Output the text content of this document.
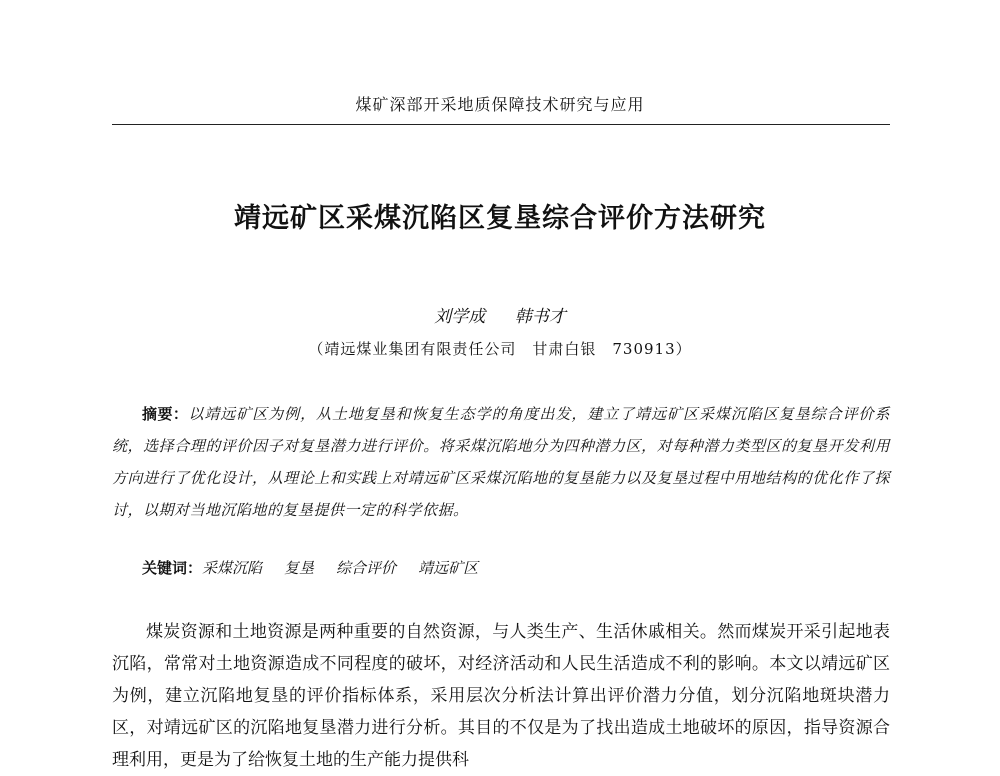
煤矿深部开采地质保障技术研究与应用
靖远矿区采煤沉陷区复垦综合评价方法研究
刘学成 韩书才
（靖远煤业集团有限责任公司　甘肃白银　730913）

摘要：以靖远矿区为例，从土地复垦和恢复生态学的角度出发，建立了靖远矿区采煤沉陷区复垦综合评价系统，选择合理的评价因子对复垦潜力进行评价。将采煤沉陷地分为四种潜力区，对每种潜力类型区的复垦开发利用方向进行了优化设计，从理论上和实践上对靖远矿区采煤沉陷地的复垦能力以及复垦过程中用地结构的优化作了探讨，以期对当地沉陷地的复垦提供一定的科学依据。

关键词：采煤沉陷 复垦 综合评价 靖远矿区

煤炭资源和土地资源是两种重要的自然资源，与人类生产、生活休戚相关。然而煤炭开采引起地表沉陷，常常对土地资源造成不同程度的破坏，对经济活动和人民生活造成不利的影响。本文以靖远矿区为例，建立沉陷地复垦的评价指标体系，采用层次分析法计算出评价潜力分值，划分沉陷地斑块潜力区，对靖远矿区的沉陷地复垦潜力进行分析。其目的不仅是为了找出造成土地破坏的原因，指导资源合理利用，更是为了给恢复土地的生产能力提供科
